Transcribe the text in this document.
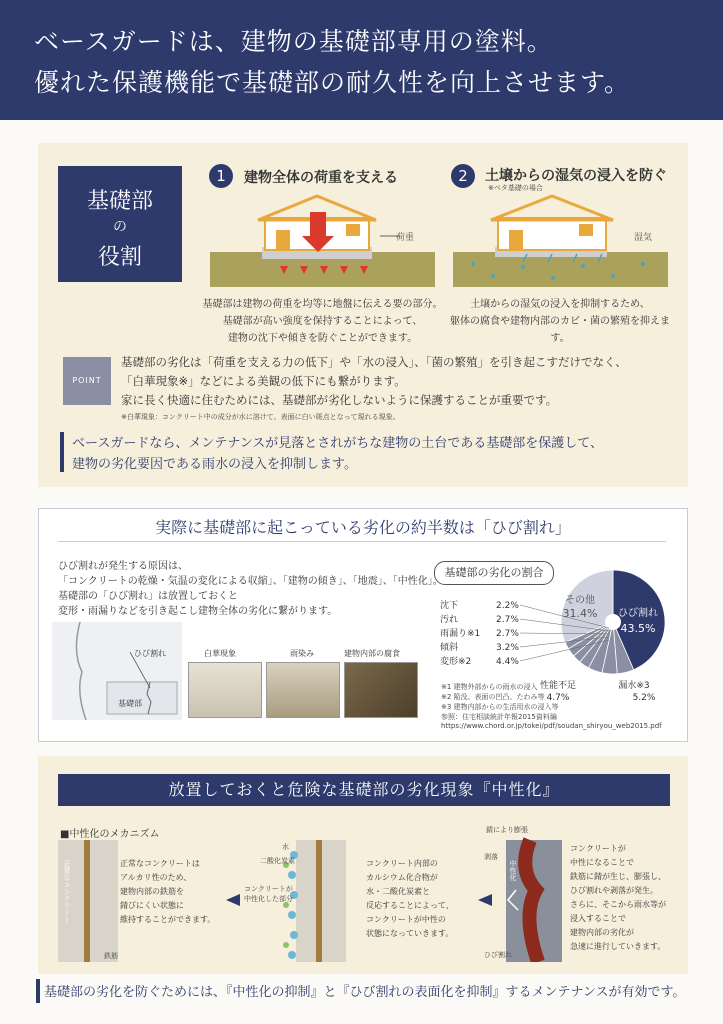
ベースガードは、建物の基礎部専用の塗料。
優れた保護機能で基礎部の耐久性を向上させます。
基礎部
の
役割
1	建物全体の荷重を支える
荷重
基礎部は建物の荷重を均等に地盤に伝える要の部分。
基礎部が高い強度を保持することによって、
建物の沈下や傾きを防ぐことができます。
2	土壌からの湿気の浸入を防ぐ
※ベタ基礎の場合
湿気
土壌からの湿気の浸入を抑制するため、
躯体の腐食や建物内部のカビ・菌の繁殖を抑えます。
POINT
基礎部の劣化は「荷重を支える力の低下」や「水の浸入」、「菌の繁殖」を引き起こすだけでなく、
「白華現象※」などによる美観の低下にも繋がります。
家に長く快適に住むためには、基礎部が劣化しないように保護することが重要です。
※白華現象：コンクリート中の成分が水に溶けて、表面に白い斑点となって現れる現象。
ベースガードなら、メンテナンスが見落とされがちな建物の土台である基礎部を保護して、
建物の劣化要因である雨水の浸入を抑制します。
実際に基礎部に起こっている劣化の約半数は「ひび割れ」
ひび割れが発生する原因は、
「コンクリートの乾燥・気温の変化による収縮」、「建物の傾き」、「地震」、「中性化」。
基礎部の「ひび割れ」は放置しておくと
変形・雨漏りなどを引き起こし建物全体の劣化に繋がります。
ひび割れ
基礎部
白華現象	雨染み	建物内部の腐食
基礎部の劣化の割合
ひび割れ
43.5%
その他
31.4%
沈下	2.2%
汚れ	2.7%
雨漏り※1 2.7%
傾斜	3.2%
変形※2	4.4%
性能不足
4.7%
漏水※3
5.2%
※1 建物外部からの雨水の浸入
※2 陥没、表面の凹凸、たわみ等
※3 建物内部からの生活用水の浸入等
参照：住宅相談統計年報2015資料編
https://www.chord.or.jp/tokei/pdf/soudan_shiryou_web2015.pdf
放置しておくと危険な基礎部の劣化現象『中性化』
■中性化のメカニズム
正常なコンクリート
鉄筋
正常なコンクリートは
アルカリ性のため、
建物内部の鉄筋を
錆びにくい状態に
維持することができます。
水
二酸化炭素
コンクリートが
中性化した部分
コンクリート内部の
カルシウム化合物が
水・二酸化炭素と
反応することによって、
コンクリートが中性の
状態になっていきます。
錆により膨張
剥落
中性化
ひび割れ
コンクリートが
中性になることで
鉄筋に錆が生じ、膨張し、
ひび割れや剥落が発生。
さらに、そこから雨水等が
浸入することで
建物内部の劣化が
急速に進行していきます。
基礎部の劣化を防ぐためには、『中性化の抑制』と『ひび割れの表面化を抑制』するメンテナンスが有効です。
